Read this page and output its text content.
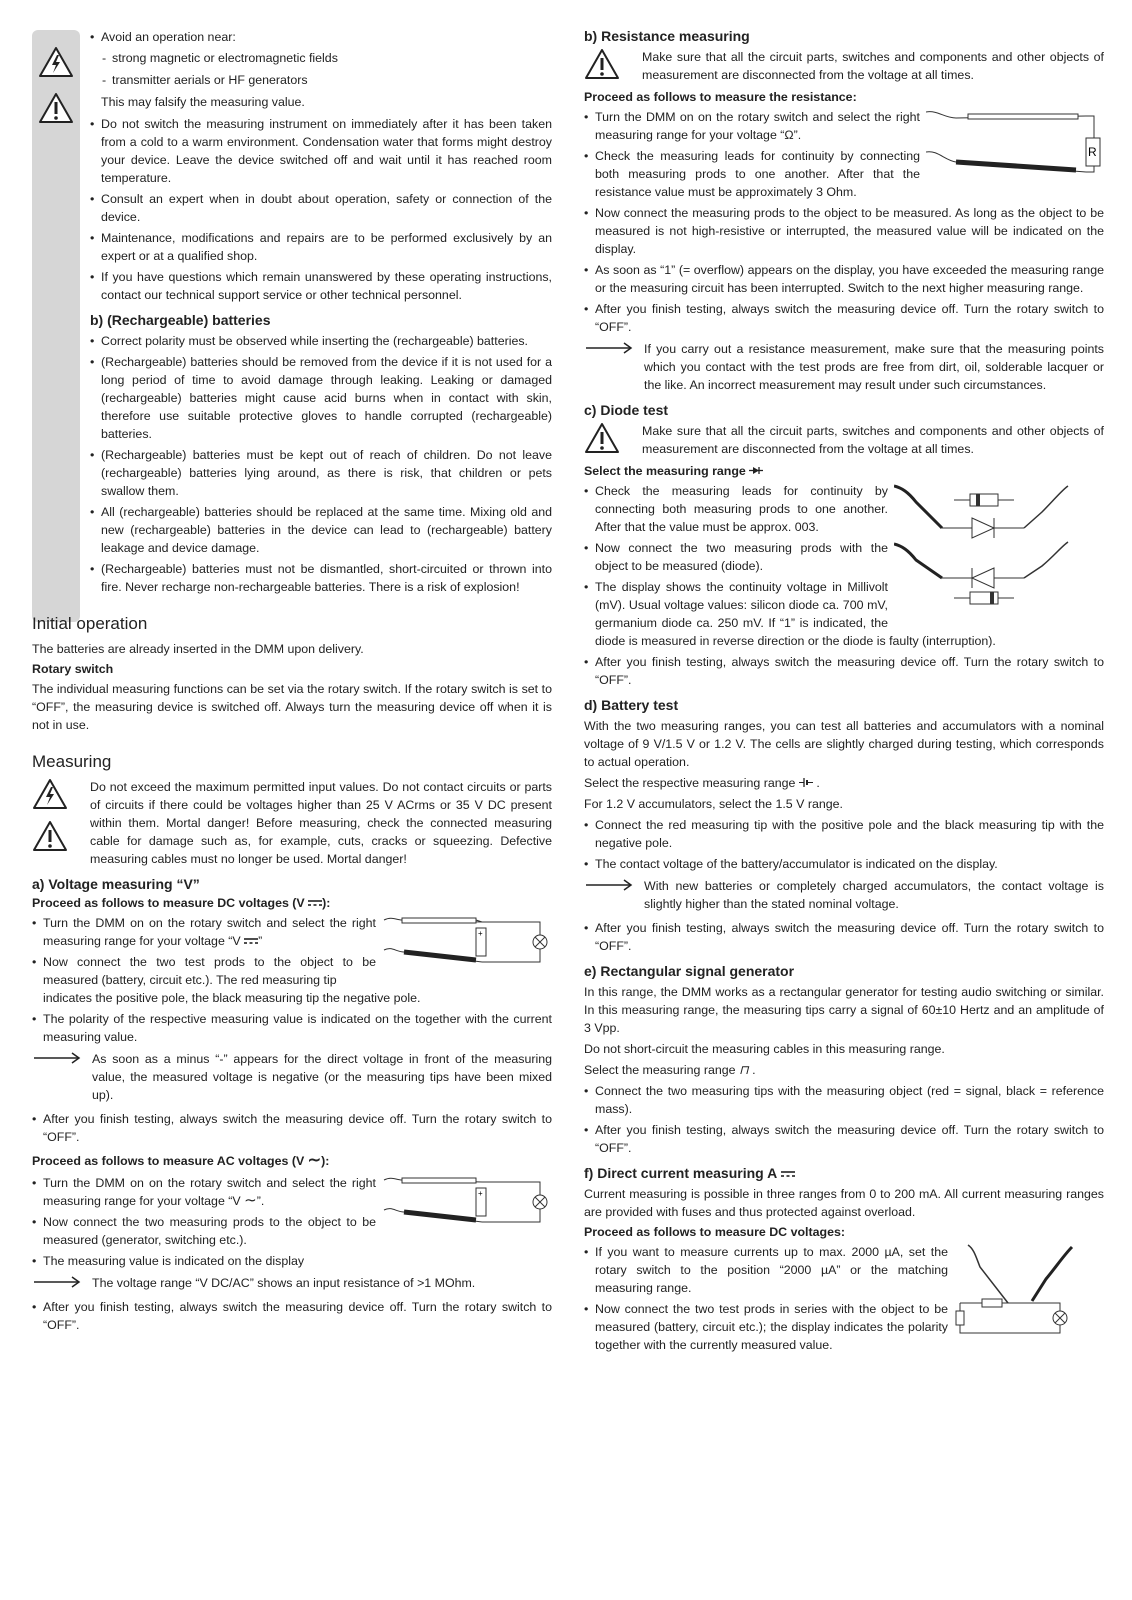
• Avoid an operation near:
- strong magnetic or electromagnetic fields
- transmitter aerials or HF generators

This may falsify the measuring value.

• Do not switch the measuring instrument on immediately after it has been taken from a cold to a warm environment. Condensation water that forms might destroy your device. Leave the device switched off and wait until it has reached room temperature.
• Consult an expert when in doubt about operation, safety or connection of the device.
• Maintenance, modifications and repairs are to be performed exclusively by an expert or at a qualified shop.
• If you have questions which remain unanswered by these operating instructions, contact our technical support service or other technical personnel.
b) (Rechargeable) batteries
• Correct polarity must be observed while inserting the (rechargeable) batteries.
• (Rechargeable) batteries should be removed from the device if it is not used for a long period of time to avoid damage through leaking. Leaking or damaged (rechargeable) batteries might cause acid burns when in contact with skin, therefore use suitable protective gloves to handle corrupted (rechargeable) batteries.
• (Rechargeable) batteries must be kept out of reach of children. Do not leave (rechargeable) batteries lying around, as there is risk, that children or pets swallow them.
• All (rechargeable) batteries should be replaced at the same time. Mixing old and new (rechargeable) batteries in the device can lead to (rechargeable) battery leakage and device damage.
• (Rechargeable) batteries must not be dismantled, short-circuited or thrown into fire. Never recharge non-rechargeable batteries. There is a risk of explosion!
Initial operation

The batteries are already inserted in the DMM upon delivery.

Rotary switch

The individual measuring functions can be set via the rotary switch. If the rotary switch is set to “OFF”, the measuring device is switched off. Always turn the measuring device off when it is not in use.

Measuring

Do not exceed the maximum permitted input values. Do not contact circuits or parts of circuits if there could be voltages higher than 25 V ACrms or 35 V DC present within them. Mortal danger! Before measuring, check the connected measuring cable for damage such as, for example, cuts, cracks or squeezing. Defective measuring cables must no longer be used. Mortal danger!

a) Voltage measuring “V”
Proceed as follows to measure DC voltages (V ):
+
• Turn the DMM on on the rotary switch and select the right measuring range for your voltage “V ”
• Now connect the two test prods to the object to be measured (battery, circuit etc.). The red measuring tip

indicates the positive pole, the black measuring tip the negative pole.

• The polarity of the respective measuring value is indicated on the together with the current measuring value.

As soon as a minus “-” appears for the direct voltage in front of the measuring value, the measured voltage is negative (or the measuring tips have been mixed up).

• After you finish testing, always switch the measuring device off. Turn the rotary switch to “OFF”.
Proceed as follows to measure AC voltages (V ∼):
+
• Turn the DMM on on the rotary switch and select the right measuring range for your voltage “V ∼”.
• Now connect the two measuring prods to the object to be measured (generator, switching etc.).
• The measuring value is indicated on the display

The voltage range “V DC/AC” shows an input resistance of >1 MOhm.

• After you finish testing, always switch the measuring device off. Turn the rotary switch to “OFF”.
b) Resistance measuring

Make sure that all the circuit parts, switches and components and other objects of measurement are disconnected from the voltage at all times.

Proceed as follows to measure the resistance:
R
• Turn the DMM on on the rotary switch and select the right measuring range for your voltage “Ω”.
• Check the measuring leads for continuity by connecting both measuring prods to one another. After that the resistance value must be approximately 3 Ohm.
• Now connect the measuring prods to the object to be measured. As long as the object to be measured is not high-resistive or interrupted, the measured value will be indicated on the display.
• As soon as “1” (= overflow) appears on the display, you have exceeded the measuring range or the measuring circuit has been interrupted. Switch to the next higher measuring range.
• After you finish testing, always switch the measuring device off. Turn the rotary switch to “OFF”.

If you carry out a resistance measurement, make sure that the measuring points which you contact with the test prods are free from dirt, oil, solderable lacquer or the like. An incorrect measurement may result under such circumstances.

c) Diode test

Make sure that all the circuit parts, switches and components and other objects of measurement are disconnected from the voltage at all times.

Select the measuring range
• Check the measuring leads for continuity by connecting both measuring prods to one another. After that the value must be approx. 003.
• Now connect the two measuring prods with the object to be measured (diode).
• The display shows the continuity voltage in Millivolt (mV). Usual voltage values: silicon diode ca. 700 mV, germanium diode ca. 250 mV. If “1” is indicated, the diode is measured in reverse direction or the diode is faulty (interruption).
• After you finish testing, always switch the measuring device off. Turn the rotary switch to “OFF”.
d) Battery test

With the two measuring ranges, you can test all batteries and accumulators with a nominal voltage of 9 V/1.5 V or 1.2 V. The cells are slightly charged during testing, which corresponds to actual operation.

Select the respective measuring range  .

For 1.2 V accumulators, select the 1.5 V range.

• Connect the red measuring tip with the positive pole and the black measuring tip with the negative pole.
• The contact voltage of the battery/accumulator is indicated on the display.

With new batteries or completely charged accumulators, the contact voltage is slightly higher than the stated nominal voltage.

• After you finish testing, always switch the measuring device off. Turn the rotary switch to “OFF”.
e) Rectangular signal generator

In this range, the DMM works as a rectangular generator for testing audio switching or similar. In this measuring range, the measuring tips carry a signal of 60±10 Hertz and an amplitude of 3 Vpp.

Do not short-circuit the measuring cables in this measuring range.

Select the measuring range ⊓ .

• Connect the two measuring tips with the measuring object (red = signal, black = reference mass).
• After you finish testing, always switch the measuring device off. Turn the rotary switch to “OFF”.
f) Direct current measuring A

Current measuring is possible in three ranges from 0 to 200 mA. All current measuring ranges are provided with fuses and thus protected against overload.

Proceed as follows to measure DC voltages:
• If you want to measure currents up to max. 2000 µA, set the rotary switch to the position “2000 µA” or the matching measuring range.
• Now connect the two test prods in series with the object to be measured (battery, circuit etc.); the display indicates the polarity together with the currently measured value.
